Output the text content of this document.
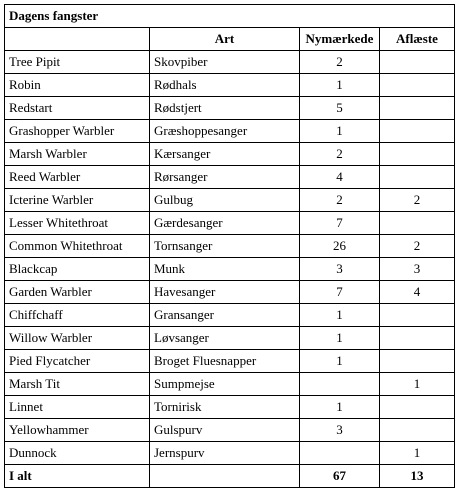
Dagens fangster			
	Art	Nymærkede	Aflæste
Tree Pipit	Skovpiber	2	
Robin	Rødhals	1	
Redstart	Rødstjert	5	
Grashopper Warbler	Græshoppesanger	1	
Marsh Warbler	Kærsanger	2	
Reed Warbler	Rørsanger	4	
Icterine Warbler	Gulbug	2	2
Lesser Whitethroat	Gærdesanger	7	
Common Whitethroat	Tornsanger	26	2
Blackcap	Munk	3	3
Garden Warbler	Havesanger	7	4
Chiffchaff	Gransanger	1	
Willow Warbler	Løvsanger	1	
Pied Flycatcher	Broget Fluesnapper	1	
Marsh Tit	Sumpmejse		1
Linnet	Tornirisk	1	
Yellowhammer	Gulspurv	3	
Dunnock	Jernspurv		1
I alt		67	13
